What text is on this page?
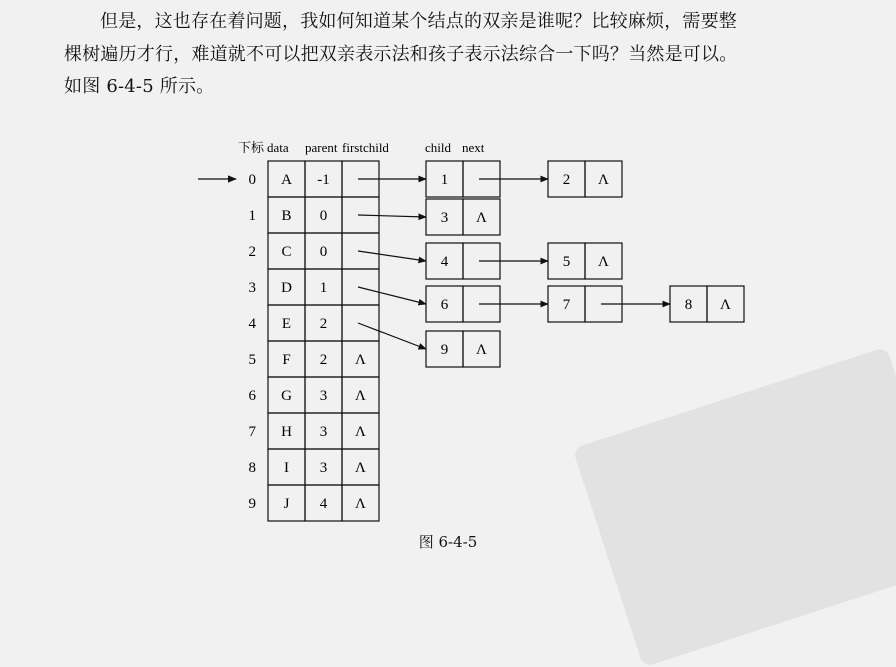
但是，这也存在着问题，我如何知道某个结点的双亲是谁呢？比较麻烦，需要整

棵树遍历才行，难道就不可以把双亲表示法和孩子表示法综合一下吗？当然是可以。

如图 6-4-5 所示。

下标 data parent firstchild	child next
0 A -1
1 B 0
2 C 0
3 D 1
4 E 2
5 F 2 Λ
6 G 3 Λ
7 H 3 Λ
8 I 3 Λ
9 J 4 Λ
1	2 Λ
3 Λ
4	5 Λ
6	7	8 Λ
9 Λ
图 6-4-5
